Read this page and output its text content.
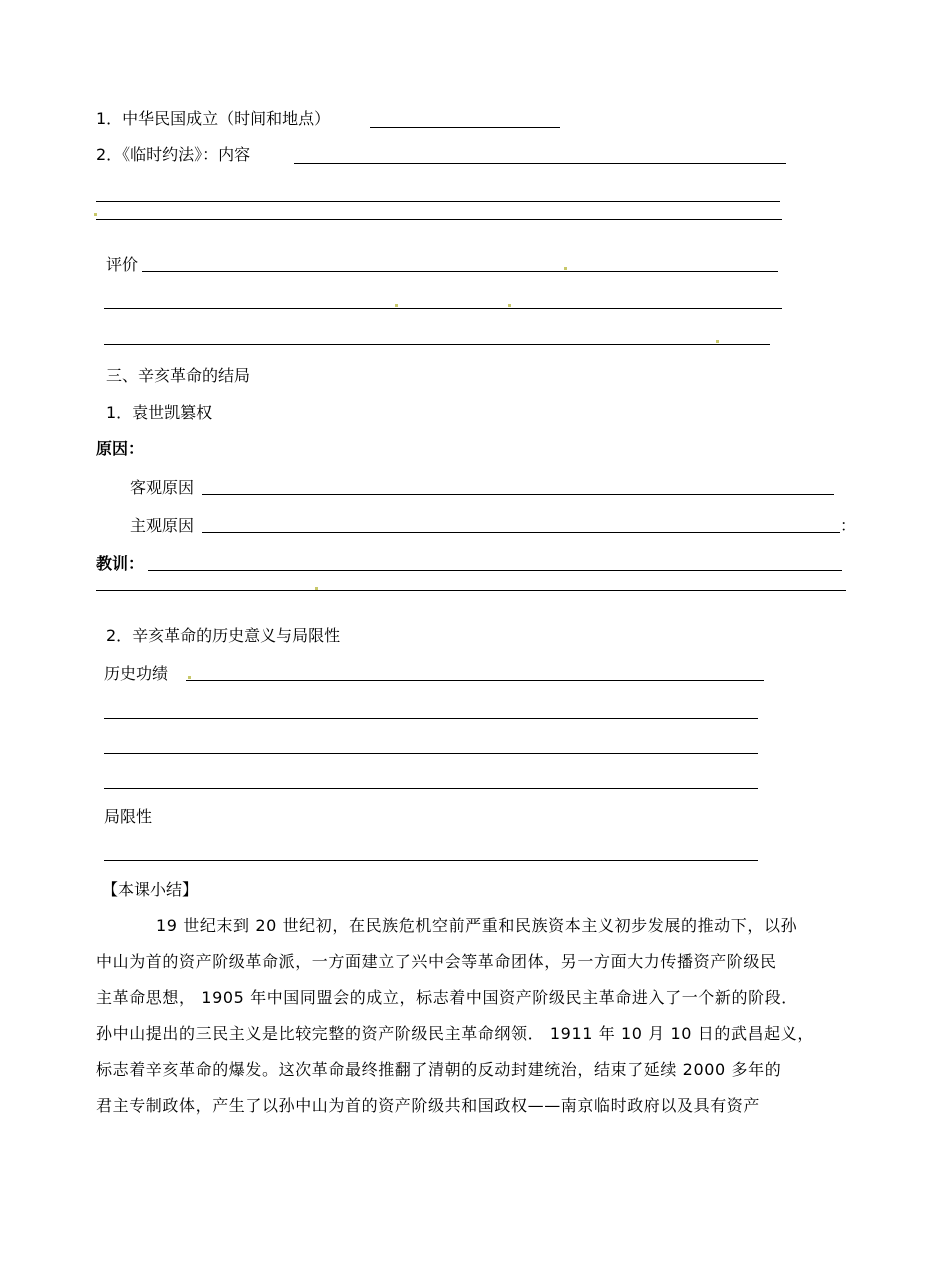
1．中华民国成立（时间和地点）
2．《临时约法》：内容
评价
三、辛亥革命的结局
1．袁世凯篡权
原因：
客观原因
主观原因	：
教训：
2．辛亥革命的历史意义与局限性
历史功绩
局限性
【本课小结】
19 世纪末到 20 世纪初，在民族危机空前严重和民族资本主义初步发展的推动下，以孙
中山为首的资产阶级革命派，一方面建立了兴中会等革命团体，另一方面大力传播资产阶级民
主革命思想， 1905 年中国同盟会的成立，标志着中国资产阶级民主革命进入了一个新的阶段．
孙中山提出的三民主义是比较完整的资产阶级民主革命纲领． 1911 年 10 月 10 日的武昌起义，
标志着辛亥革命的爆发。这次革命最终推翻了清朝的反动封建统治，结束了延续 2000 多年的
君主专制政体，产生了以孙中山为首的资产阶级共和国政权——南京临时政府以及具有资产
